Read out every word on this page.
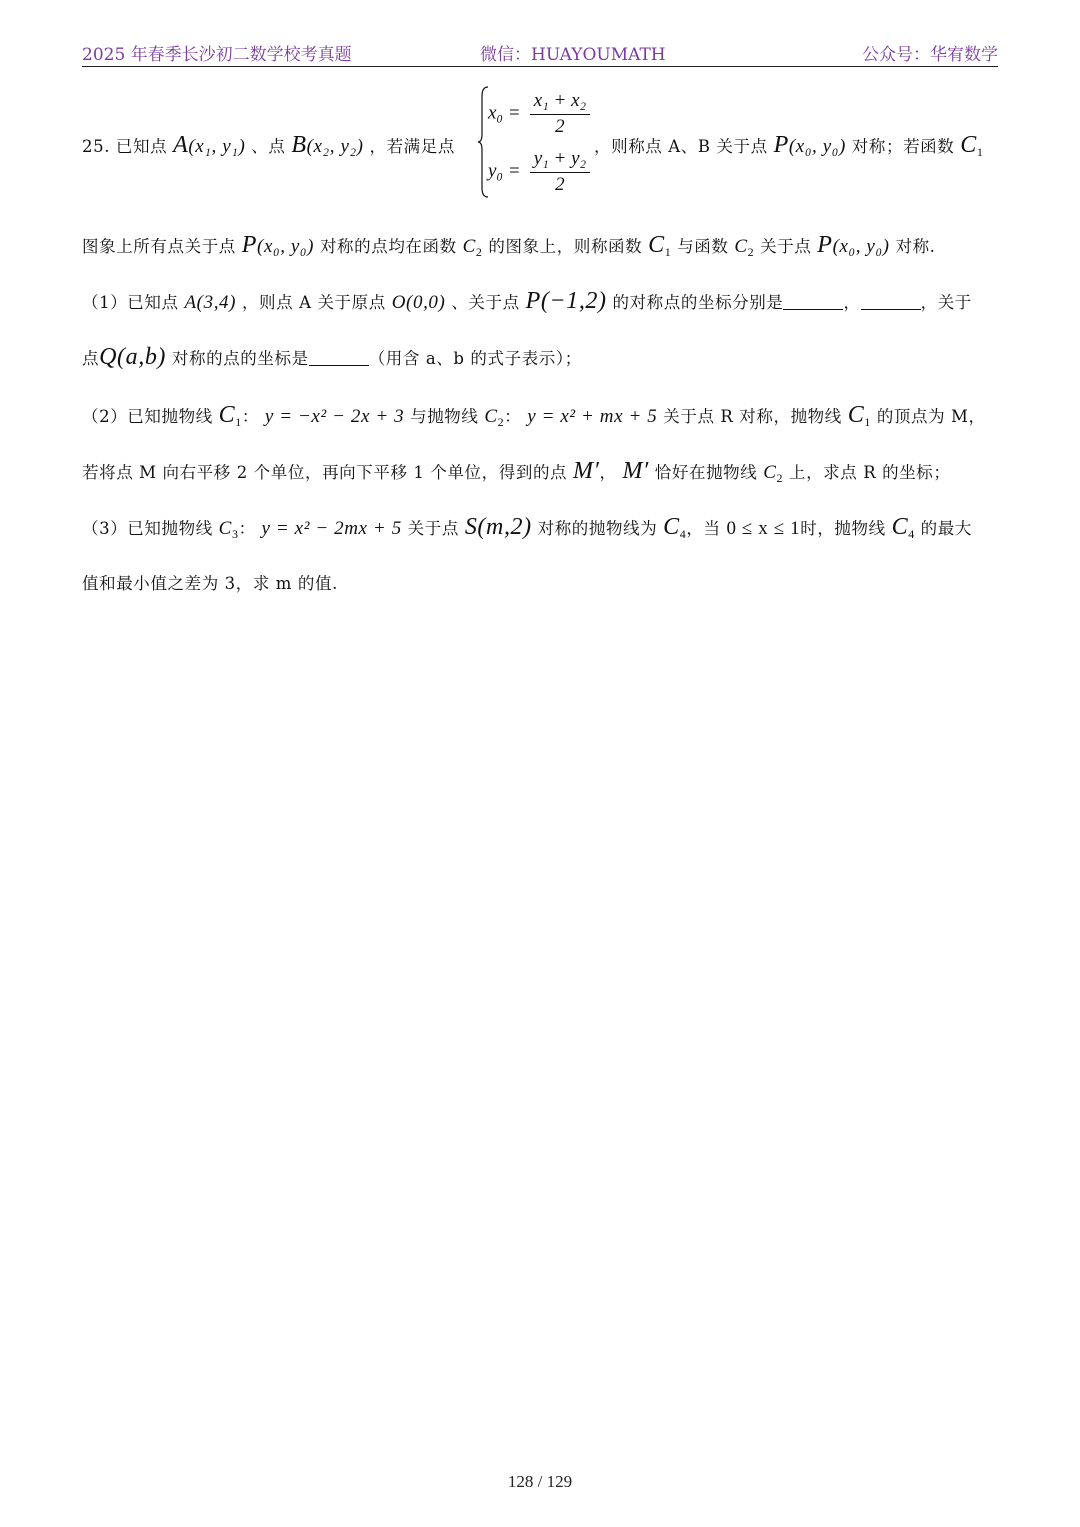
2025 年春季长沙初二数学校考真题	微信：HUAYOUMATH	公众号：华宥数学
25. 已知点 A(x₁, y₁) 、点 B(x₂, y₂) ，若满足点
$x_0 = \frac{\text{x₁ + x₂}}{2}$
$y_0 = \frac{\text{y₁ + y₂}}{2}$ ，则称点 A、B 关于点 P(x₀, y₀) 对称；若函数 $C_1$
图象上所有点关于点 P(x₀, y₀) 对称的点均在函数 $C_2$ 的图象上，则称函数 $C_1$ 与函数 $C_2$ 关于点 P(x₀, y₀) 对称.
（1）已知点 A(3,4) ，则点 A 关于原点 O(0,0) 、关于点 P(−1,2) 的对称点的坐标分别是	，	，关于
点Q(a,b) 对称的点的坐标是	（用含 a、b 的式子表示）；
（2）已知抛物线 $C_1$： y = −x² − 2x + 3 与抛物线 $C_2$： y = x² + mx + 5 关于点 R 对称，抛物线 $C_1$ 的顶点为 M，
若将点 M 向右平移 2 个单位，再向下平移 1 个单位，得到的点 M′， M′ 恰好在抛物线 $C_2$ 上，求点 R 的坐标；
（3）已知抛物线 $C_3$： y = x² − 2mx + 5 关于点 S(m,2) 对称的抛物线为 $C_4$，当 0 ≤ x ≤ 1时，抛物线 $C_4$ 的最大
值和最小值之差为 3，求 m 的值.
128 / 129
